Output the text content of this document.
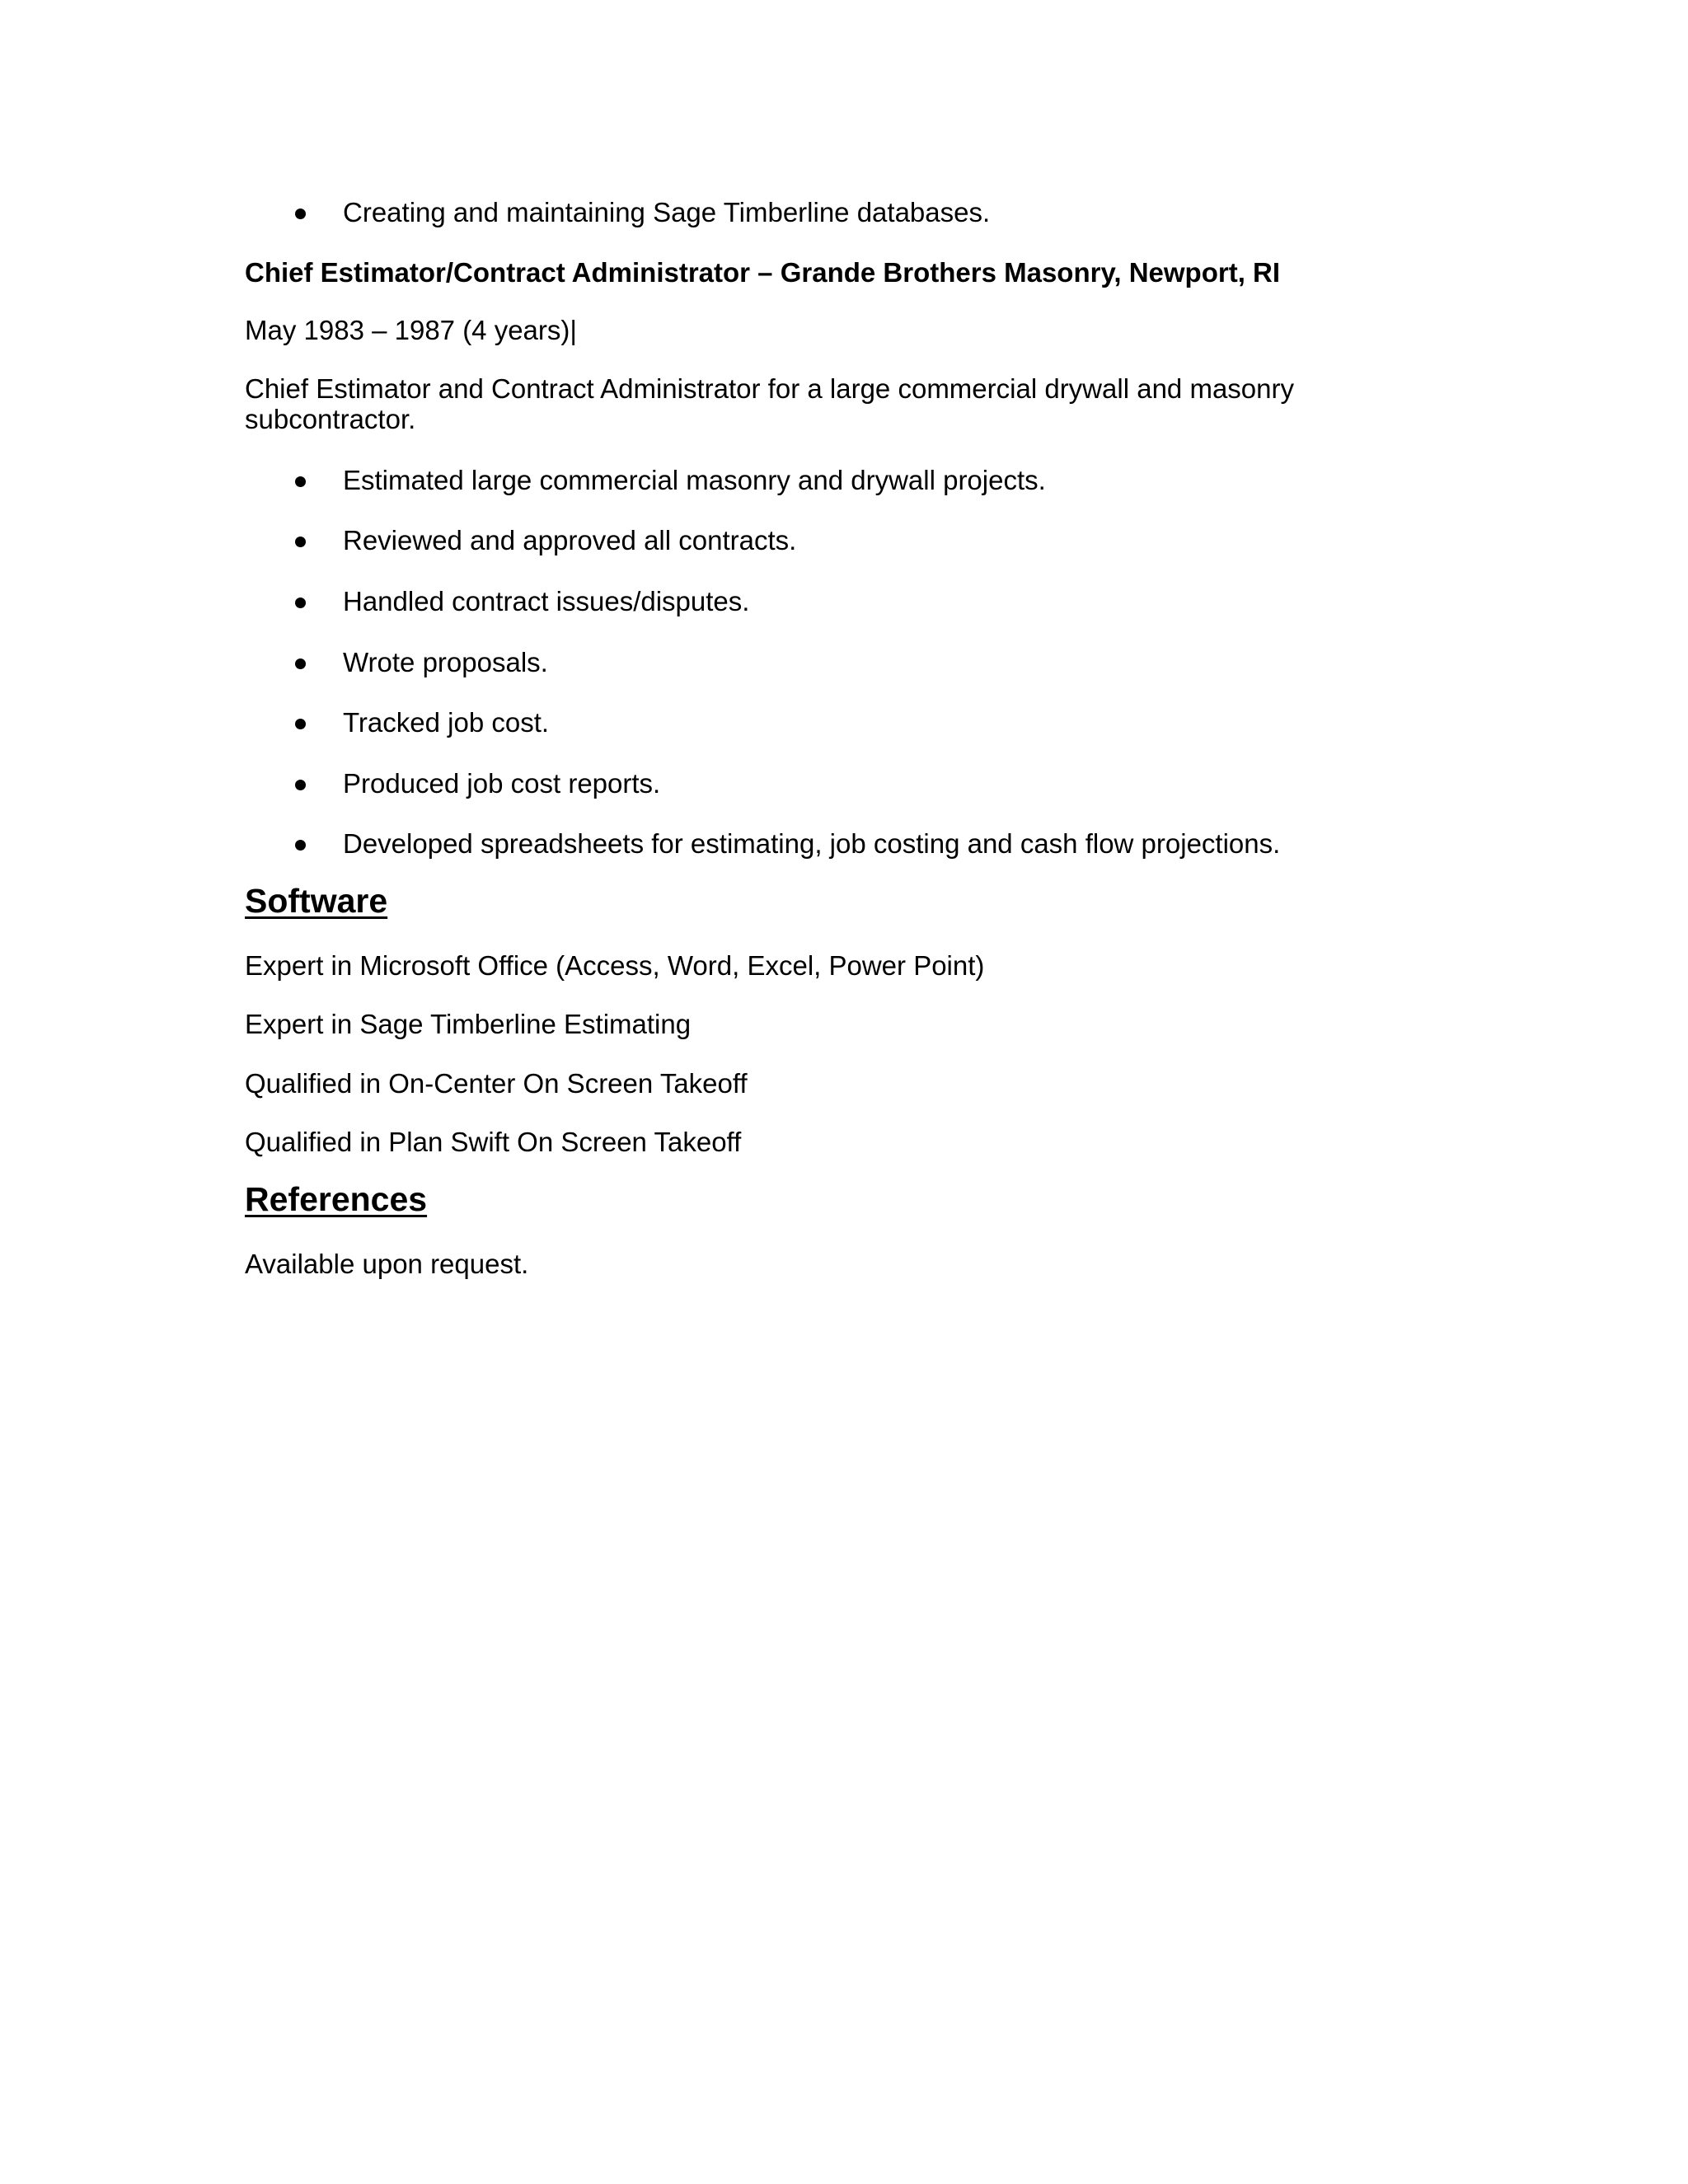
Creating and maintaining Sage Timberline databases.

Chief Estimator/Contract Administrator – Grande Brothers Masonry, Newport, RI

May 1983 – 1987 (4 years)|

Chief Estimator and Contract Administrator for a large commercial drywall and masonry subcontractor.

Estimated large commercial masonry and drywall projects.

Reviewed and approved all contracts.

Handled contract issues/disputes.

Wrote proposals.

Tracked job cost.

Produced job cost reports.

Developed spreadsheets for estimating, job costing and cash flow projections.

Software

Expert in Microsoft Office (Access, Word, Excel, Power Point)

Expert in Sage Timberline Estimating

Qualified in On-Center On Screen Takeoff

Qualified in Plan Swift On Screen Takeoff

References

Available upon request.
